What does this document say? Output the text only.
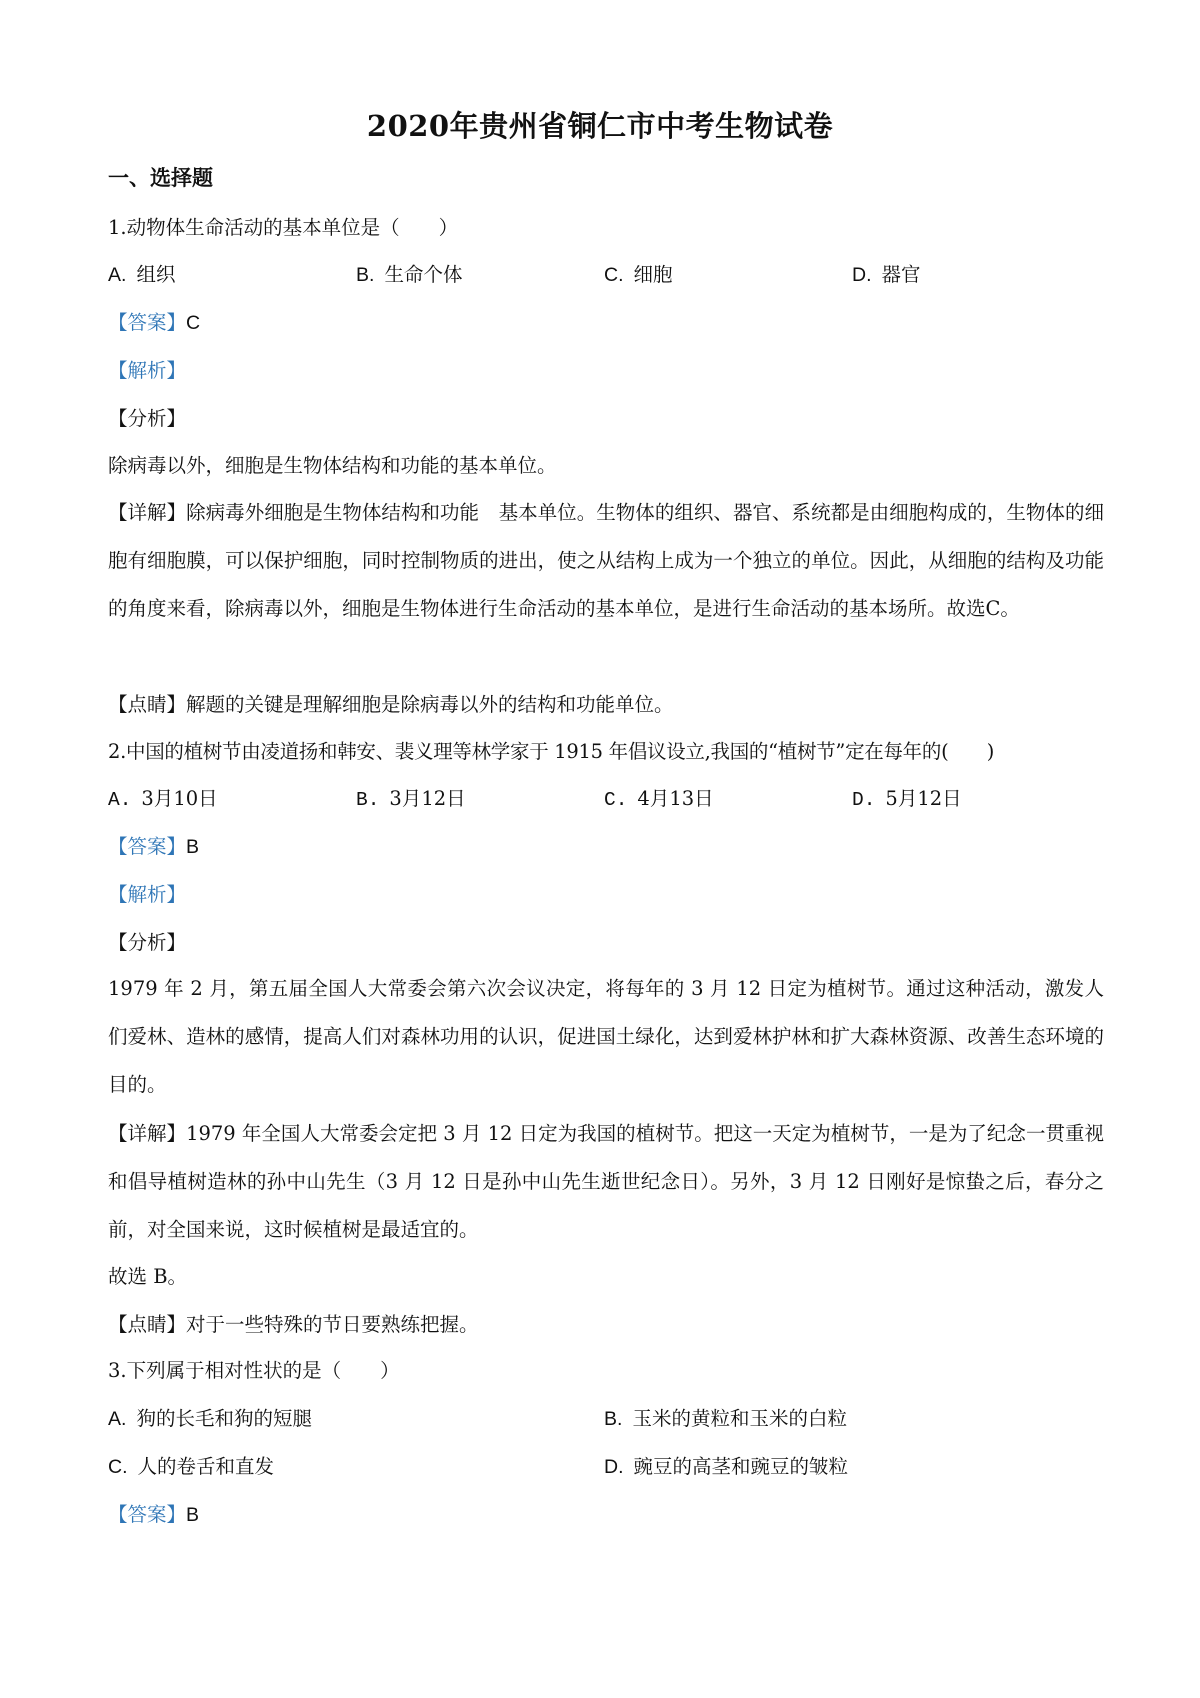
2020年贵州省铜仁市中考生物试卷
一、选择题
1.动物体生命活动的基本单位是（　　）
A. 组织	B. 生命个体	C. 细胞	D. 器官
【答案】C
【解析】
【分析】
除病毒以外，细胞是生物体结构和功能的基本单位。
【详解】除病毒外细胞是生物体结构和功能　基本单位。生物体的组织、器官、系统都是由细胞构成的，生物体的细胞有细胞膜，可以保护细胞，同时控制物质的进出，使之从结构上成为一个独立的单位。因此，从细胞的结构及功能的角度来看，除病毒以外，细胞是生物体进行生命活动的基本单位，是进行生命活动的基本场所。故选C。
【点睛】解题的关键是理解细胞是除病毒以外的结构和功能单位。
2.中国的植树节由凌道扬和韩安、裴义理等林学家于 1915 年倡议设立,我国的“植树节”定在每年的(　　)
A. 3月10日	B. 3月12日	C. 4月13日	D. 5月12日
【答案】B
【解析】
【分析】
1979 年 2 月，第五届全国人大常委会第六次会议决定，将每年的 3 月 12 日定为植树节。通过这种活动，激发人们爱林、造林的感情，提高人们对森林功用的认识，促进国土绿化，达到爱林护林和扩大森林资源、改善生态环境的目的。
【详解】1979 年全国人大常委会定把 3 月 12 日定为我国的植树节。把这一天定为植树节，一是为了纪念一贯重视和倡导植树造林的孙中山先生（3 月 12 日是孙中山先生逝世纪念日）。另外，3 月 12 日刚好是惊蛰之后，春分之前，对全国来说，这时候植树是最适宜的。
故选 B。
【点睛】对于一些特殊的节日要熟练把握。
3.下列属于相对性状的是（　　）
A. 狗的长毛和狗的短腿	B. 玉米的黄粒和玉米的白粒
C. 人的卷舌和直发	D. 豌豆的高茎和豌豆的皱粒
【答案】B
